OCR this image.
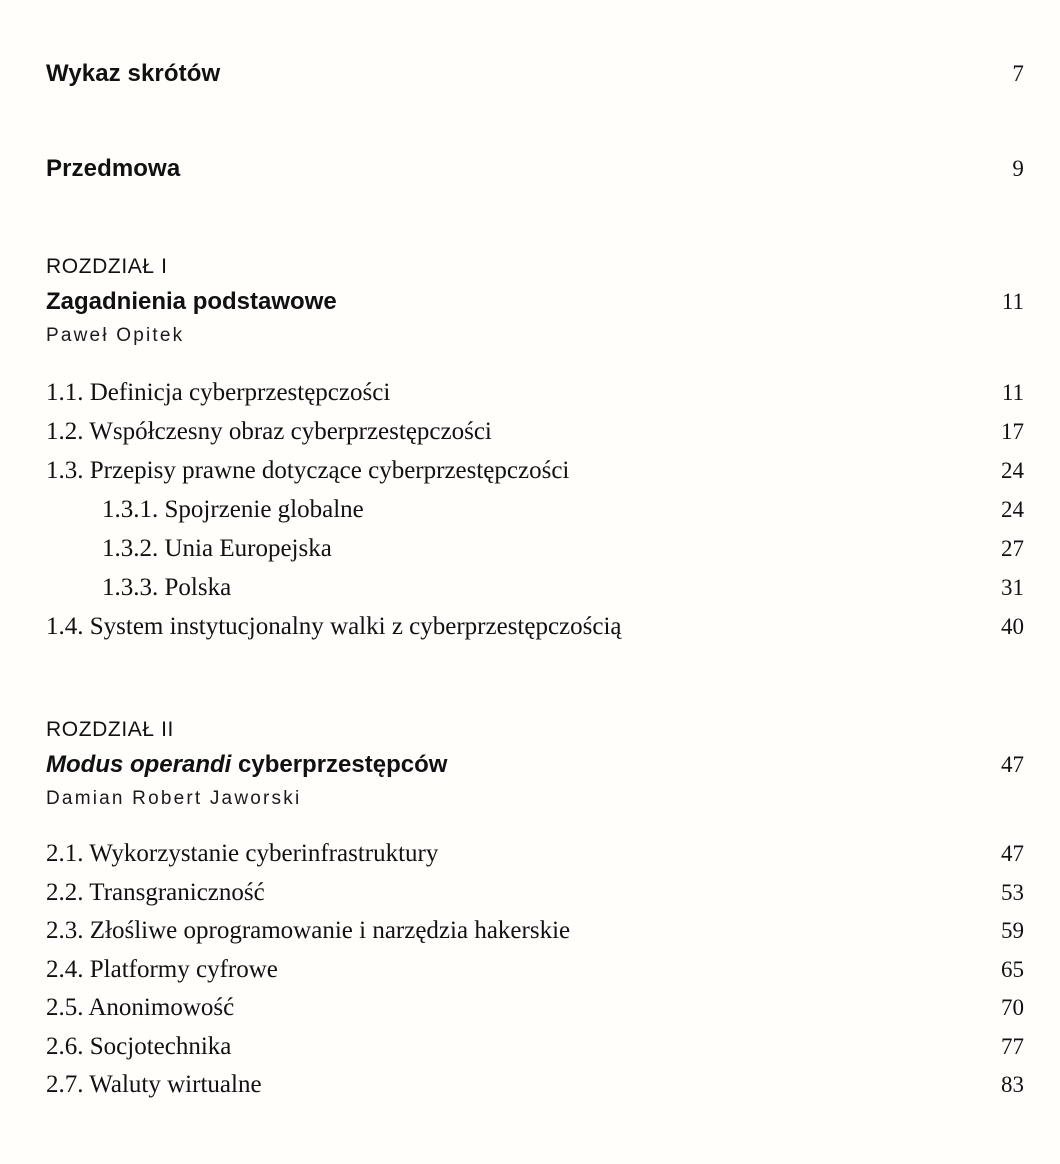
Wykaz skrótów	7
Przedmowa	9
ROZDZIAŁ I
Zagadnienia podstawowe	11
Paweł Opitek
1.1. Definicja cyberprzestępczości	11
1.2. Współczesny obraz cyberprzestępczości	17
1.3. Przepisy prawne dotyczące cyberprzestępczości	24
1.3.1. Spojrzenie globalne	24
1.3.2. Unia Europejska	27
1.3.3. Polska	31
1.4. System instytucjonalny walki z cyberprzestępczością	40
ROZDZIAŁ II
Modus operandi cyberprzestępców	47
Damian Robert Jaworski
2.1. Wykorzystanie cyberinfrastruktury	47
2.2. Transgraniczność	53
2.3. Złośliwe oprogramowanie i narzędzia hakerskie	59
2.4. Platformy cyfrowe	65
2.5. Anonimowość	70
2.6. Socjotechnika	77
2.7. Waluty wirtualne	83
